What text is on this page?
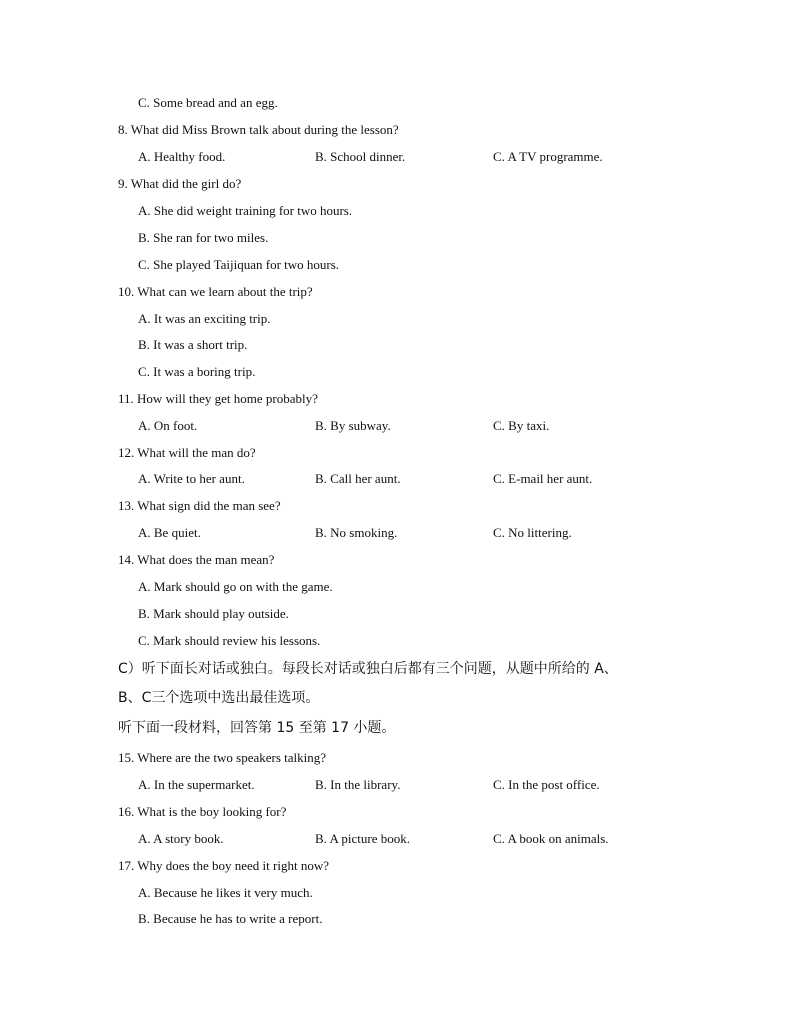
C. Some bread and an egg.
8. What did Miss Brown talk about during the lesson?
A. Healthy food.	B. School dinner.	C. A TV programme.
9. What did the girl do?
A. She did weight training for two hours.
B. She ran for two miles.
C. She played Taijiquan for two hours.
10. What can we learn about the trip?
A. It was an exciting trip.
B. It was a short trip.
C. It was a boring trip.
11. How will they get home probably?
A. On foot.	B. By subway.	C. By taxi.
12. What will the man do?
A. Write to her aunt.	B. Call her aunt.	C. E-mail her aunt.
13. What sign did the man see?
A. Be quiet.	B. No smoking.	C. No littering.
14. What does the man mean?
A. Mark should go on with the game.
B. Mark should play outside.
C. Mark should review his lessons.
C）听下面长对话或独白。每段长对话或独白后都有三个问题，从题中所给的 A、
B、C三个选项中选出最佳选项。
听下面一段材料，回答第 15 至第 17 小题。
15. Where are the two speakers talking?
A. In the supermarket.	B. In the library.	C. In the post office.
16. What is the boy looking for?
A. A story book.	B. A picture book.	C. A book on animals.
17. Why does the boy need it right now?
A. Because he likes it very much.
B. Because he has to write a report.
